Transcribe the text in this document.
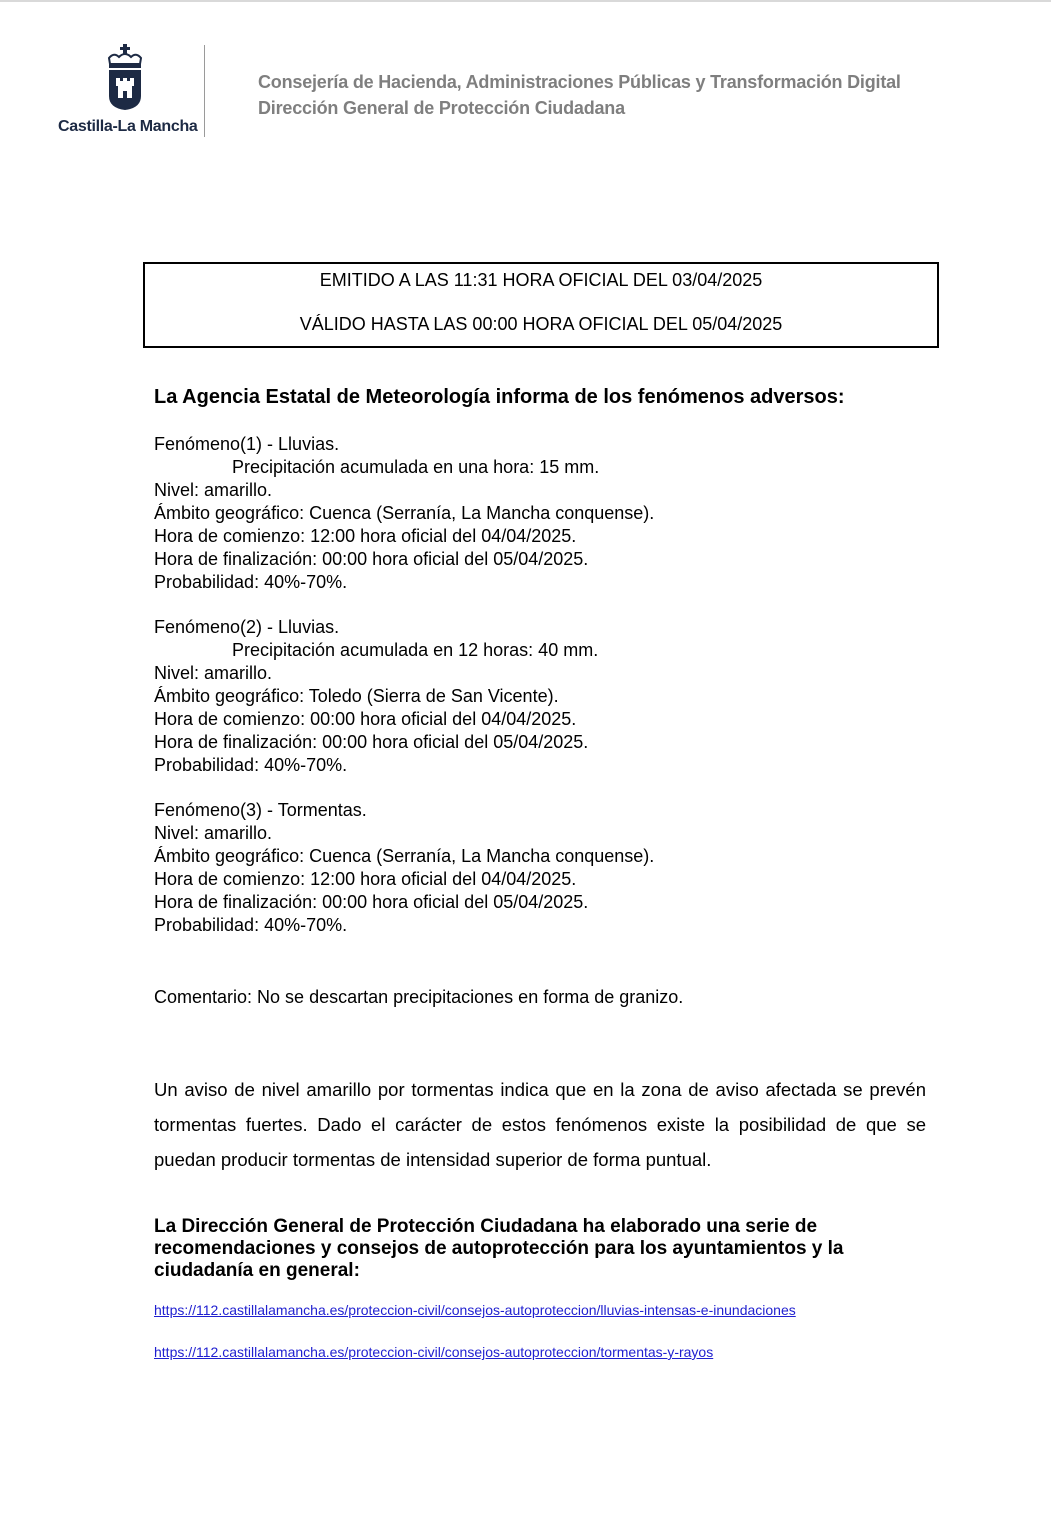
Castilla-La Mancha
Consejería de Hacienda, Administraciones Públicas y Transformación Digital
Dirección General de Protección Ciudadana
EMITIDO A LAS 11:31 HORA OFICIAL DEL 03/04/2025
VÁLIDO HASTA LAS 00:00 HORA OFICIAL DEL 05/04/2025
La Agencia Estatal de Meteorología informa de los fenómenos adversos:
Fenómeno(1) - Lluvias.
Precipitación acumulada en una hora: 15 mm.
Nivel: amarillo.
Ámbito geográfico: Cuenca (Serranía, La Mancha conquense).
Hora de comienzo: 12:00 hora oficial del 04/04/2025.
Hora de finalización: 00:00 hora oficial del 05/04/2025.
Probabilidad: 40%-70%.
Fenómeno(2) - Lluvias.
Precipitación acumulada en 12 horas: 40 mm.
Nivel: amarillo.
Ámbito geográfico: Toledo (Sierra de San Vicente).
Hora de comienzo: 00:00 hora oficial del 04/04/2025.
Hora de finalización: 00:00 hora oficial del 05/04/2025.
Probabilidad: 40%-70%.
Fenómeno(3) - Tormentas.
Nivel: amarillo.
Ámbito geográfico: Cuenca (Serranía, La Mancha conquense).
Hora de comienzo: 12:00 hora oficial del 04/04/2025.
Hora de finalización: 00:00 hora oficial del 05/04/2025.
Probabilidad: 40%-70%.
Comentario: No se descartan precipitaciones en forma de granizo.
Un aviso de nivel amarillo por tormentas indica que en la zona de aviso afectada se prevén tormentas fuertes. Dado el carácter de estos fenómenos existe la posibilidad de que se puedan producir tormentas de intensidad superior de forma puntual.
La Dirección General de Protección Ciudadana ha elaborado una serie de recomendaciones y consejos de autoprotección para los ayuntamientos y la ciudadanía en general:
https://112.castillalamancha.es/proteccion-civil/consejos-autoproteccion/lluvias-intensas-e-inundaciones
https://112.castillalamancha.es/proteccion-civil/consejos-autoproteccion/tormentas-y-rayos
